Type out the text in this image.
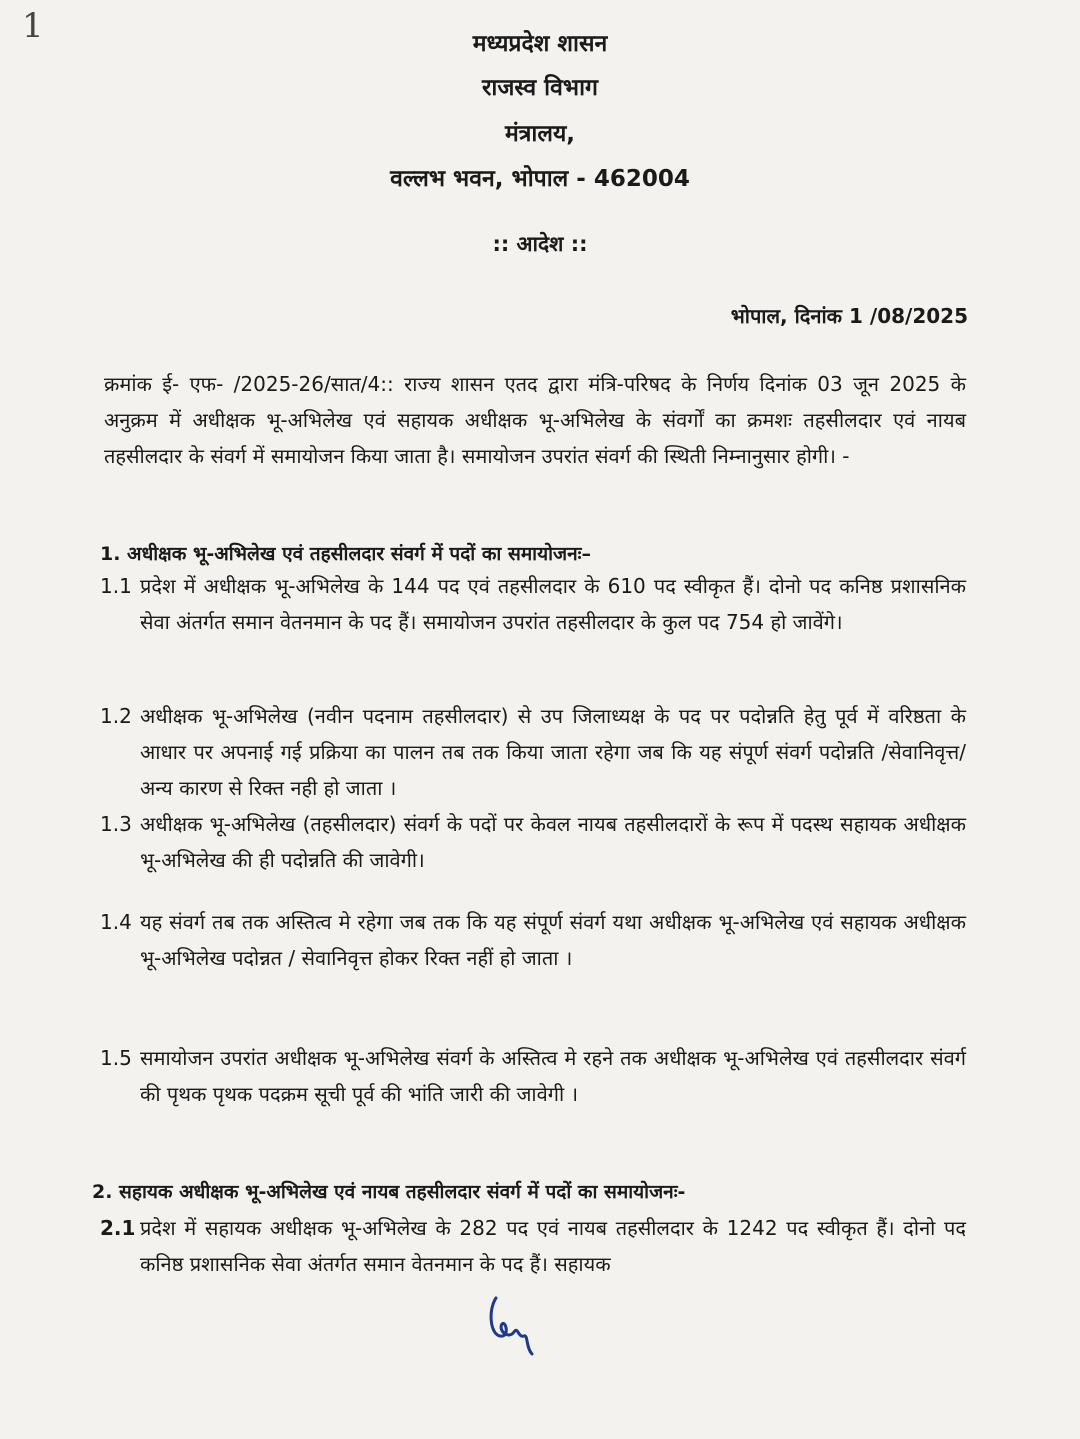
1	मध्यप्रदेश शासन
राजस्व विभाग
मंत्रालय,
वल्लभ भवन, भोपाल - 462004
:: आदेश ::
भोपाल, दिनांक 1 /08/2025
क्रमांक ई- एफ- /2025-26/सात/4:: राज्य शासन एतद द्वारा मंत्रि-परिषद के निर्णय दिनांक 03 जून 2025 के अनुक्रम में अधीक्षक भू-अभिलेख एवं सहायक अधीक्षक भू-अभिलेख के संवर्गों का क्रमशः तहसीलदार एवं नायब तहसीलदार के संवर्ग में समायोजन किया जाता है। समायोजन उपरांत संवर्ग की स्थिती निम्नानुसार होगी। -
1. अधीक्षक भू-अभिलेख एवं तहसीलदार संवर्ग में पदों का समायोजनः–
1.1 प्रदेश में अधीक्षक भू-अभिलेख के 144 पद एवं तहसीलदार के 610 पद स्वीकृत हैं। दोनो पद कनिष्ठ प्रशासनिक सेवा अंतर्गत समान वेतनमान के पद हैं। समायोजन उपरांत तहसीलदार के कुल पद 754 हो जावेंगे।
1.2 अधीक्षक भू-अभिलेख (नवीन पदनाम तहसीलदार) से उप जिलाध्यक्ष के पद पर पदोन्नति हेतु पूर्व में वरिष्ठता के आधार पर अपनाई गई प्रक्रिया का पालन तब तक किया जाता रहेगा जब कि यह संपूर्ण संवर्ग पदोन्नति /सेवानिवृत्त/अन्य कारण से रिक्त नही हो जाता ।
1.3 अधीक्षक भू-अभिलेख (तहसीलदार) संवर्ग के पदों पर केवल नायब तहसीलदारों के रूप में पदस्थ सहायक अधीक्षक भू-अभिलेख की ही पदोन्नति की जावेगी।
1.4 यह संवर्ग तब तक अस्तित्व मे रहेगा जब तक कि यह संपूर्ण संवर्ग यथा अधीक्षक भू-अभिलेख एवं सहायक अधीक्षक भू-अभिलेख पदोन्नत / सेवानिवृत्त होकर रिक्त नहीं हो जाता ।
1.5 समायोजन उपरांत अधीक्षक भू-अभिलेख संवर्ग के अस्तित्व मे रहने तक अधीक्षक भू-अभिलेख एवं तहसीलदार संवर्ग की पृथक पृथक पदक्रम सूची पूर्व की भांति जारी की जावेगी ।
2. सहायक अधीक्षक भू-अभिलेख एवं नायब तहसीलदार संवर्ग में पदों का समायोजनः-
2.1 प्रदेश में सहायक अधीक्षक भू-अभिलेख के 282 पद एवं नायब तहसीलदार के 1242 पद स्वीकृत हैं। दोनो पद कनिष्ठ प्रशासनिक सेवा अंतर्गत समान वेतनमान के पद हैं। सहायक
